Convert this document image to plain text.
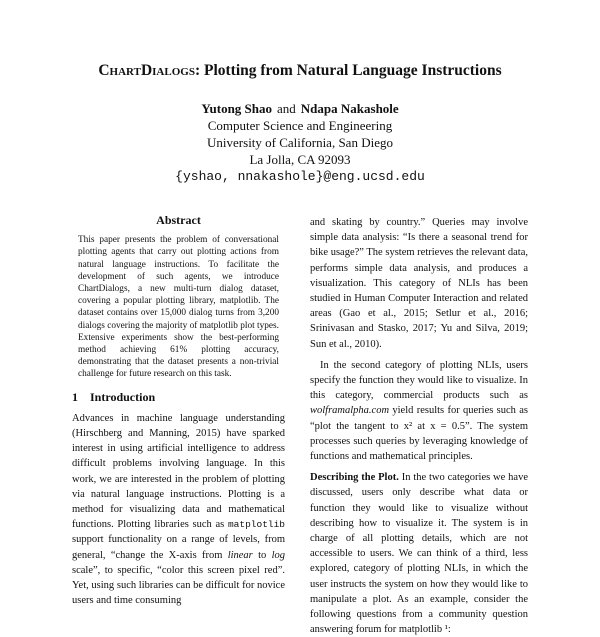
ChartDialogs: Plotting from Natural Language Instructions
Yutong Shao and Ndapa Nakashole
Computer Science and Engineering
University of California, San Diego
La Jolla, CA 92093
{yshao, nnakashole}@eng.ucsd.edu
Abstract

This paper presents the problem of conversational plotting agents that carry out plotting actions from natural language instructions. To facilitate the development of such agents, we introduce ChartDialogs, a new multi-turn dialog dataset, covering a popular plotting library, matplotlib. The dataset contains over 15,000 dialog turns from 3,200 dialogs covering the majority of matplotlib plot types. Extensive experiments show the best-performing method achieving 61% plotting accuracy, demonstrating that the dataset presents a non-trivial challenge for future research on this task.

1 Introduction

Advances in machine language understanding (Hirschberg and Manning, 2015) have sparked interest in using artificial intelligence to address difficult problems involving language. In this work, we are interested in the problem of plotting via natural language instructions. Plotting is a method for visualizing data and mathematical functions. Plotting libraries such as matplotlib support functionality on a range of levels, from general, “change the X-axis from linear to log scale”, to specific, “color this screen pixel red”. Yet, using such libraries can be difficult for novice users and time consuming

and skating by country.” Queries may involve simple data analysis: “Is there a seasonal trend for bike usage?” The system retrieves the relevant data, performs simple data analysis, and produces a visualization. This category of NLIs has been studied in Human Computer Interaction and related areas (Gao et al., 2015; Setlur et al., 2016; Srinivasan and Stasko, 2017; Yu and Silva, 2019; Sun et al., 2010).

In the second category of plotting NLIs, users specify the function they would like to visualize. In this category, commercial products such as wolframalpha.com yield results for queries such as “plot the tangent to x² at x = 0.5”. The system processes such queries by leveraging knowledge of functions and mathematical principles.

Describing the Plot. In the two categories we have discussed, users only describe what data or function they would like to visualize without describing how to visualize it. The system is in charge of all plotting details, which are not accessible to users. We can think of a third, less explored, category of plotting NLIs, in which the user instructs the system on how they would like to manipulate a plot. As an example, consider the following questions from a community question answering forum for matplotlib ¹:
